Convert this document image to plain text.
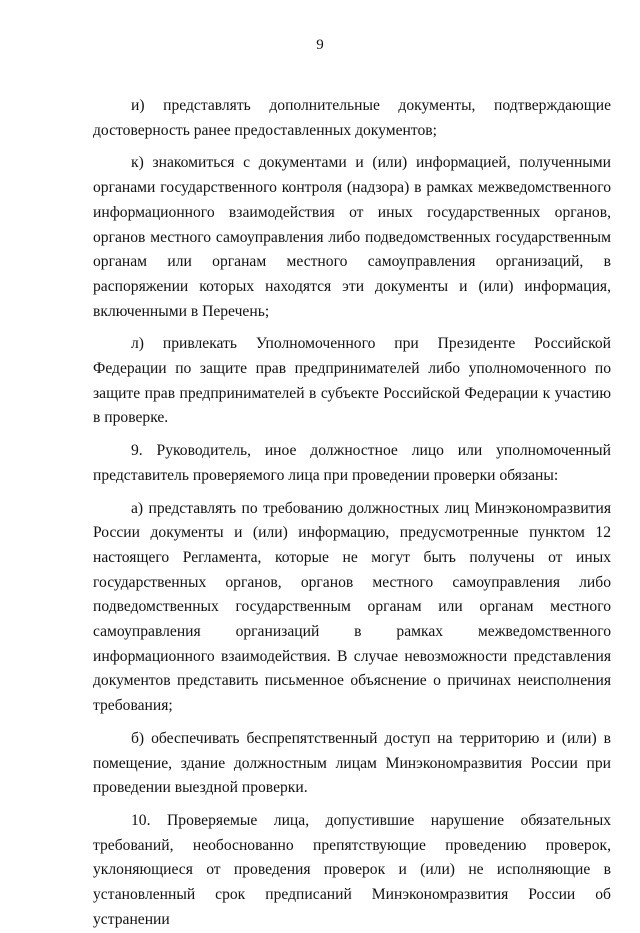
9

и) представлять дополнительные документы, подтверждающие достоверность ранее предоставленных документов;

к) знакомиться с документами и (или) информацией, полученными органами государственного контроля (надзора) в рамках межведомственного информационного взаимодействия от иных государственных органов, органов местного самоуправления либо подведомственных государственным органам или органам местного самоуправления организаций, в распоряжении которых находятся эти документы и (или) информация, включенными в Перечень;

л) привлекать Уполномоченного при Президенте Российской Федерации по защите прав предпринимателей либо уполномоченного по защите прав предпринимателей в субъекте Российской Федерации к участию в проверке.

9. Руководитель, иное должностное лицо или уполномоченный представитель проверяемого лица при проведении проверки обязаны:

а) представлять по требованию должностных лиц Минэкономразвития России документы и (или) информацию, предусмотренные пунктом 12 настоящего Регламента, которые не могут быть получены от иных государственных органов, органов местного самоуправления либо подведомственных государственным органам или органам местного самоуправления организаций в рамках межведомственного информационного взаимодействия. В случае невозможности представления документов представить письменное объяснение о причинах неисполнения требования;

б) обеспечивать беспрепятственный доступ на территорию и (или) в помещение, здание должностным лицам Минэкономразвития России при проведении выездной проверки.

10. Проверяемые лица, допустившие нарушение обязательных требований, необоснованно препятствующие проведению проверок, уклоняющиеся от проведения проверок и (или) не исполняющие в установленный срок предписаний Минэкономразвития России об устранении
